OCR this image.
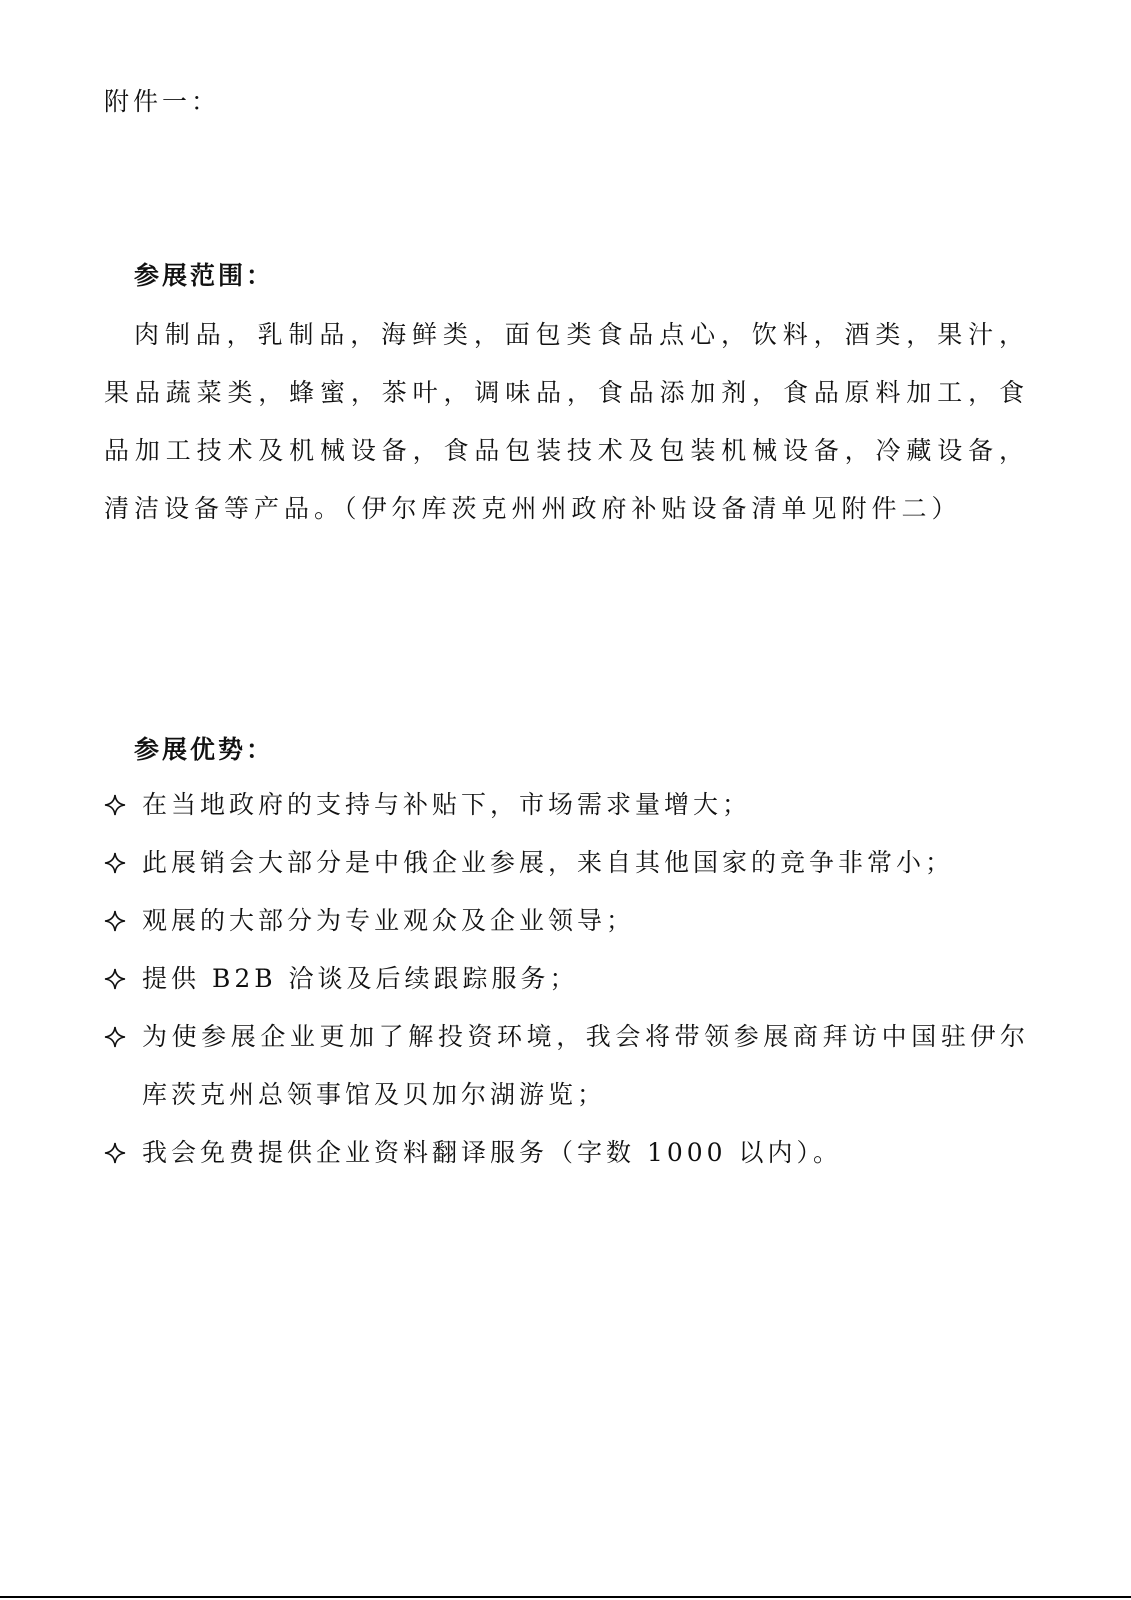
附件一：
参展范围：
肉制品，乳制品，海鲜类，面包类食品点心，饮料，酒类，果汁，果品蔬菜类，蜂蜜，茶叶，调味品，食品添加剂，食品原料加工，食品加工技术及机械设备，食品包装技术及包装机械设备，冷藏设备，清洁设备等产品。（伊尔库茨克州州政府补贴设备清单见附件二）
参展优势：
在当地政府的支持与补贴下，市场需求量增大；
此展销会大部分是中俄企业参展，来自其他国家的竞争非常小；
观展的大部分为专业观众及企业领导；
提供 B2B 洽谈及后续跟踪服务；
为使参展企业更加了解投资环境，我会将带领参展商拜访中国驻伊尔库茨克州总领事馆及贝加尔湖游览；
我会免费提供企业资料翻译服务（字数 1000 以内）。
